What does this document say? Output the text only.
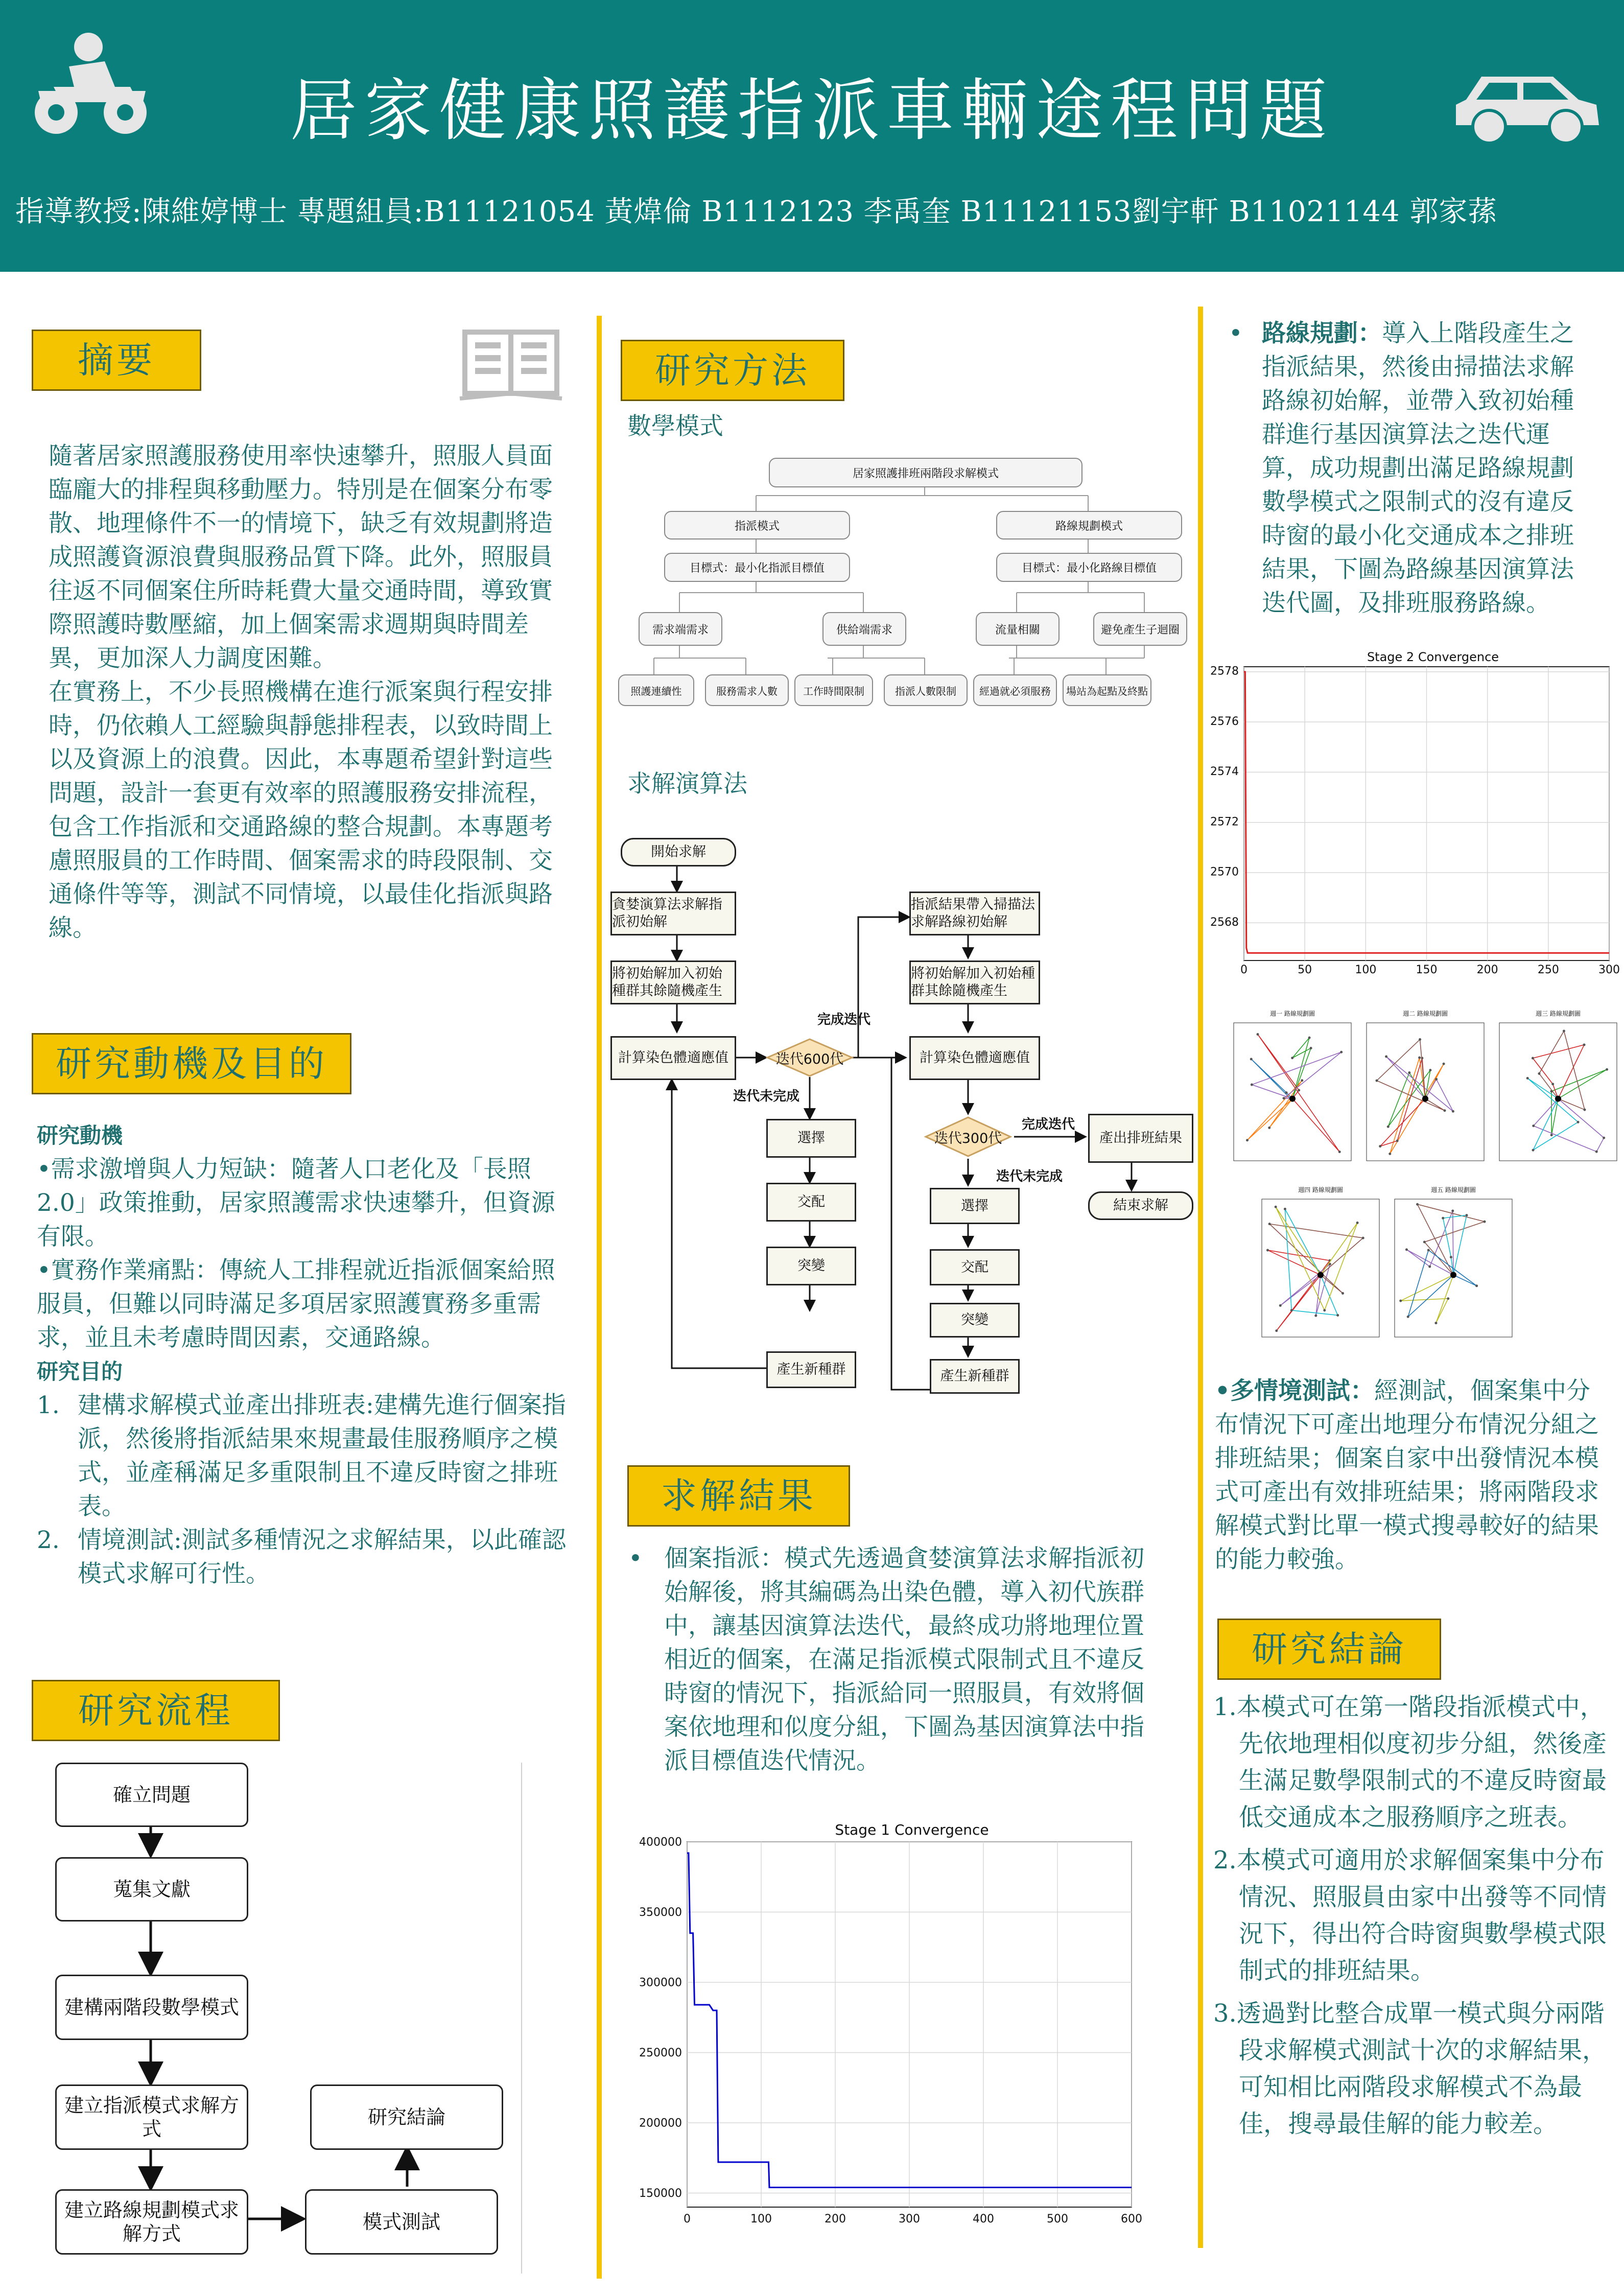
居家健康照護指派車輛途程問題
指導教授:陳維婷博士 專題組員:B11121054 黃煒倫 B1112123 李禹奎 B11121153劉宇軒 B11021144 郭家蓀
摘要
隨著居家照護服務使用率快速攀升，照服人員面臨龐大的排程與移動壓力。特別是在個案分布零散、地理條件不一的情境下，缺乏有效規劃將造成照護資源浪費與服務品質下降。此外，照服員往返不同個案住所時耗費大量交通時間，導致實際照護時數壓縮，加上個案需求週期與時間差異，更加深人力調度困難。
在實務上，不少長照機構在進行派案與行程安排時，仍依賴人工經驗與靜態排程表，以致時間上以及資源上的浪費。因此，本專題希望針對這些問題，設計一套更有效率的照護服務安排流程，包含工作指派和交通路線的整合規劃。本專題考慮照服員的工作時間、個案需求的時段限制、交通條件等等，測試不同情境，以最佳化指派與路線。
研究動機及目的
研究動機
•需求激增與人力短缺：隨著人口老化及「長照2.0」政策推動，居家照護需求快速攀升，但資源有限。
•實務作業痛點：傳統人工排程就近指派個案給照服員，但難以同時滿足多項居家照護實務多重需求，並且未考慮時間因素，交通路線。
研究目的
1. 建構求解模式並產出排班表:建構先進行個案指派，然後將指派結果來規畫最佳服務順序之模式，並產稱滿足多重限制且不違反時窗之排班表。
2. 情境測試:測試多種情況之求解結果，以此確認模式求解可行性。
研究流程
確立問題
蒐集文獻
建構兩階段數學模式
建立指派模式求解方式
建立路線規劃模式求解方式
模式測試
研究結論
研究方法
數學模式
居家照護排班兩階段求解模式
指派模式	路線規劃模式
目標式：最小化指派目標值	目標式：最小化路線目標值
需求端需求	供給端需求	流量相關	避免產生子迴圈
照護連續性	服務需求人數	工作時間限制	指派人數限制	經過就必須服務	場站為起點及終點
求解演算法
開始求解
貪婪演算法求解指派初始解
將初始解加入初始種群其餘隨機產生
計算染色體適應值	迭代600代
完成迭代
迭代未完成
選擇
交配
突變
產生新種群
指派結果帶入掃描法求解路線初始解
將初始解加入初始種群其餘隨機產生
計算染色體適應值
迭代300代
完成迭代
迭代未完成
產出排班結果
結束求解
選擇
交配
突變
產生新種群
求解結果
• 個案指派：模式先透過貪婪演算法求解指派初始解後，將其編碼為出染色體，導入初代族群中，讓基因演算法迭代，最終成功將地理位置相近的個案，在滿足指派模式限制式且不違反時窗的情況下，指派給同一照服員，有效將個案依地理和似度分組，下圖為基因演算法中指派目標值迭代情況。
Stage 1 Convergence
0	100	200	300	400	500	600
150000
200000
250000
300000
350000
400000
• 路線規劃：導入上階段產生之指派結果，然後由掃描法求解路線初始解，並帶入致初始種群進行基因演算法之迭代運算，成功規劃出滿足路線規劃數學模式之限制式的沒有違反時窗的最小化交通成本之排班結果，下圖為路線基因演算法迭代圖，及排班服務路線。
Stage 2 Convergence
0	50	100	150	200	250	300
2568
2570
2572
2574
2576
2578
週一 路線規劃圖	週二 路線規劃圖	週三 路線規劃圖
週四 路線規劃圖	週五 路線規劃圖
•多情境測試：經測試，個案集中分布情況下可產出地理分布情況分組之排班結果；個案自家中出發情況本模式可產出有效排班結果；將兩階段求解模式對比單一模式搜尋較好的結果的能力較強。
研究結論
1.本模式可在第一階段指派模式中，先依地理相似度初步分組，然後產生滿足數學限制式的不違反時窗最低交通成本之服務順序之班表。
2.本模式可適用於求解個案集中分布情況、照服員由家中出發等不同情況下，得出符合時窗與數學模式限制式的排班結果。
3.透過對比整合成單一模式與分兩階段求解模式測試十次的求解結果，可知相比兩階段求解模式不為最佳，搜尋最佳解的能力較差。
